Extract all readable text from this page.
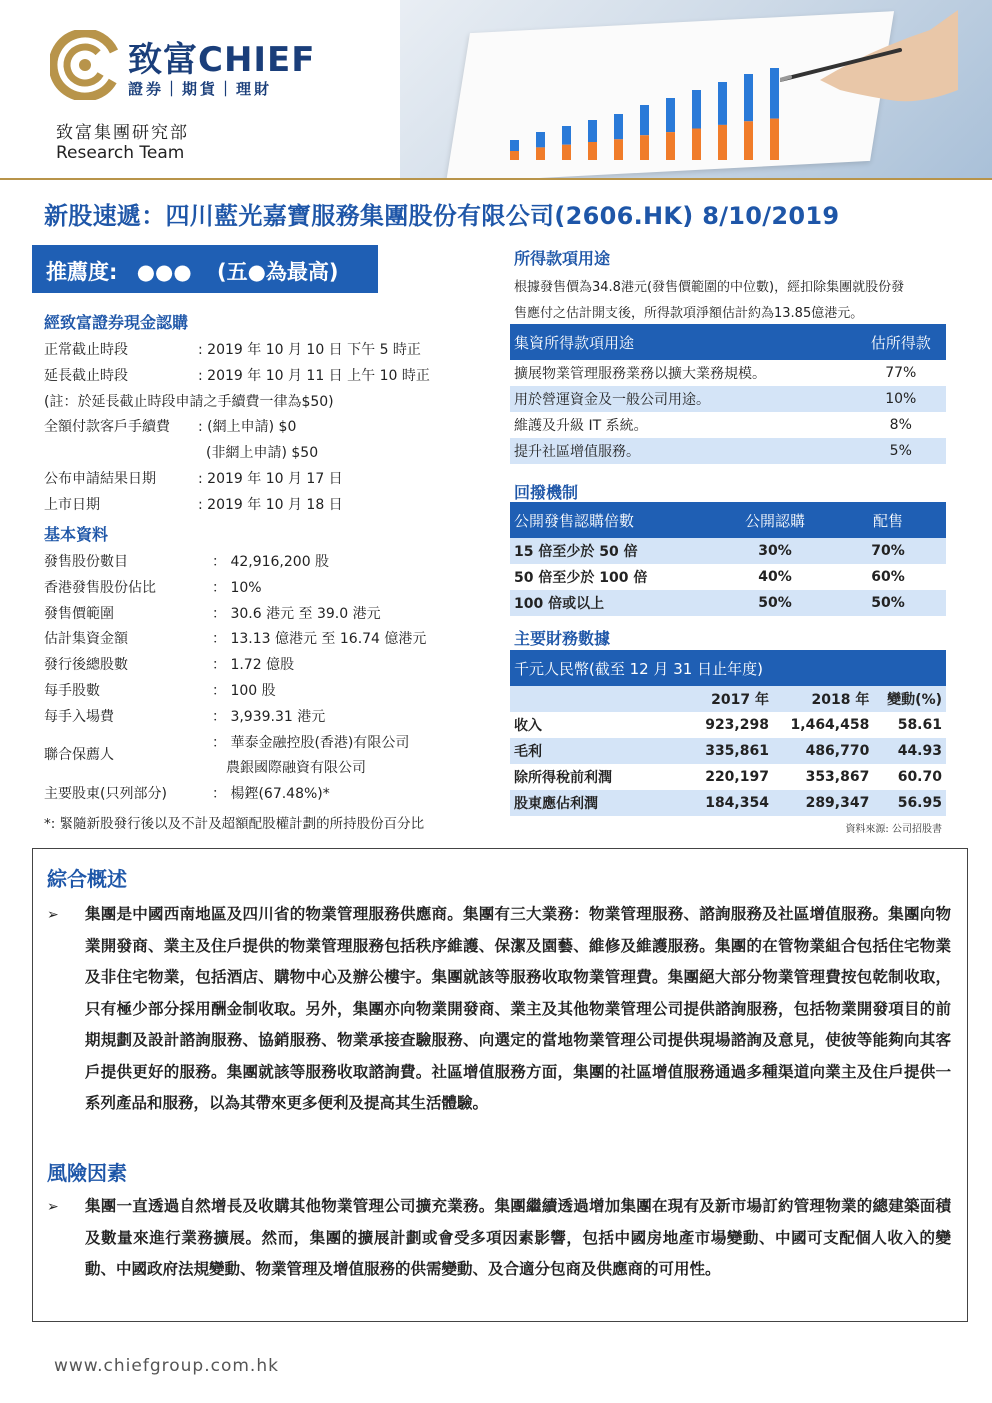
致富CHIEF
證券｜期貨｜理財
致富集團研究部
Research Team
新股速遞：四川藍光嘉寶服務集團股份有限公司(2606.HK) 8/10/2019
推薦度: ●●● (五●為最高)
經致富證券現金認購
正常截止時段	: 2019 年 10 月 10 日 下午 5 時正
延長截止時段	: 2019 年 10 月 11 日 上午 10 時正
(註：於延長截止時段申請之手續費一律為$50)
全額付款客戶手續費 : (網上申請) $0
(非網上申請) $50
公布申請結果日期	: 2019 年 10 月 17 日
上市日期	: 2019 年 10 月 18 日
基本資料
發售股份數目	： 42,916,200 股
香港發售股份佔比	： 10%
發售價範圍	： 30.6 港元 至 39.0 港元
估計集資金額	： 13.13 億港元 至 16.74 億港元
發行後總股數	： 1.72 億股
每手股數	： 100 股
每手入場費	： 3,939.31 港元
聯合保薦人
： 華泰金融控股(香港)有限公司
農銀國際融資有限公司
主要股東(只列部分)	： 楊鏗(67.48%)*
*: 緊隨新股發行後以及不計及超額配股權計劃的所持股份百分比
所得款項用途
根據發售價為34.8港元(發售價範圍的中位數)，經扣除集團就股份發
售應付之估計開支後，所得款項淨額估計約為13.85億港元。
集資所得款項用途	估所得款
擴展物業管理服務業務以擴大業務規模。	77%
用於營運資金及一般公司用途。	10%
維護及升級 IT 系統。	8%
提升社區增值服務。	5%
回撥機制
公開發售認購倍數	公開認購	配售
15 倍至少於 50 倍	30%	70%
50 倍至少於 100 倍	40%	60%
100 倍或以上	50%	50%
主要財務數據
千元人民幣(截至 12 月 31 日止年度)			
	2017 年	2018 年	變動(%)
收入	923,298	1,464,458	58.61
毛利	335,861	486,770	44.93
除所得稅前利潤	220,197	353,867	60.70
股東應佔利潤	184,354	289,347	56.95
資料來源: 公司招股書
綜合概述
➢ 集團是中國西南地區及四川省的物業管理服務供應商。集團有三大業務：物業管理服務、諮詢服務及社區增值服務。集團向物業開發商、業主及住戶提供的物業管理服務包括秩序維護、保潔及園藝、維修及維護服務。集團的在管物業組合包括住宅物業及非住宅物業，包括酒店、購物中心及辦公樓宇。集團就該等服務收取物業管理費。集團絕大部分物業管理費按包乾制收取，只有極少部分採用酬金制收取。另外，集團亦向物業開發商、業主及其他物業管理公司提供諮詢服務，包括物業開發項目的前期規劃及設計諮詢服務、協銷服務、物業承接查驗服務、向選定的當地物業管理公司提供現場諮詢及意見，使彼等能夠向其客戶提供更好的服務。集團就該等服務收取諮詢費。社區增值服務方面，集團的社區增值服務通過多種渠道向業主及住戶提供一系列產品和服務，以為其帶來更多便利及提高其生活體驗。
風險因素
➢ 集團一直透過自然增長及收購其他物業管理公司擴充業務。集團繼續透過增加集團在現有及新市場訂約管理物業的總建築面積及數量來進行業務擴展。然而，集團的擴展計劃或會受多項因素影響，包括中國房地產市場變動、中國可支配個人收入的變動、中國政府法規變動、物業管理及增值服務的供需變動、及合適分包商及供應商的可用性。
www.chiefgroup.com.hk
